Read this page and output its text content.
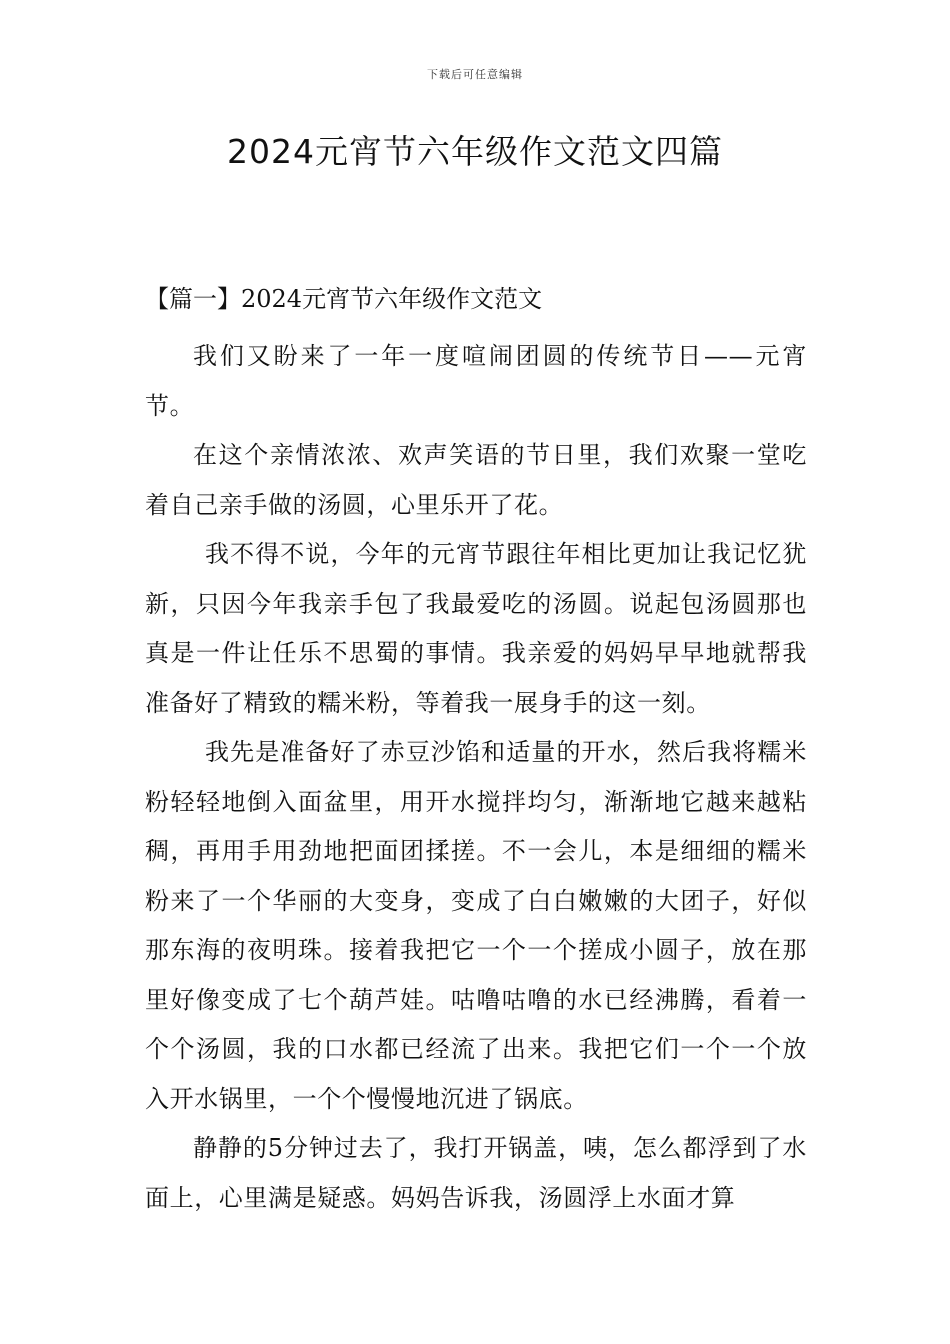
下载后可任意编辑
2024元宵节六年级作文范文四篇
【篇一】2024元宵节六年级作文范文

我们又盼来了一年一度喧闹团圆的传统节日——元宵节。

在这个亲情浓浓、欢声笑语的节日里，我们欢聚一堂吃着自己亲手做的汤圆，心里乐开了花。

我不得不说，今年的元宵节跟往年相比更加让我记忆犹新，只因今年我亲手包了我最爱吃的汤圆。说起包汤圆那也真是一件让任乐不思蜀的事情。我亲爱的妈妈早早地就帮我准备好了精致的糯米粉，等着我一展身手的这一刻。

我先是准备好了赤豆沙馅和适量的开水，然后我将糯米粉轻轻地倒入面盆里，用开水搅拌均匀，渐渐地它越来越粘稠，再用手用劲地把面团揉搓。不一会儿，本是细细的糯米粉来了一个华丽的大变身，变成了白白嫩嫩的大团子，好似那东海的夜明珠。接着我把它一个一个搓成小圆子，放在那里好像变成了七个葫芦娃。咕噜咕噜的水已经沸腾，看着一个个汤圆，我的口水都已经流了出来。我把它们一个一个放入开水锅里，一个个慢慢地沉进了锅底。

静静的5分钟过去了，我打开锅盖，咦，怎么都浮到了水面上，心里满是疑惑。妈妈告诉我，汤圆浮上水面才算
